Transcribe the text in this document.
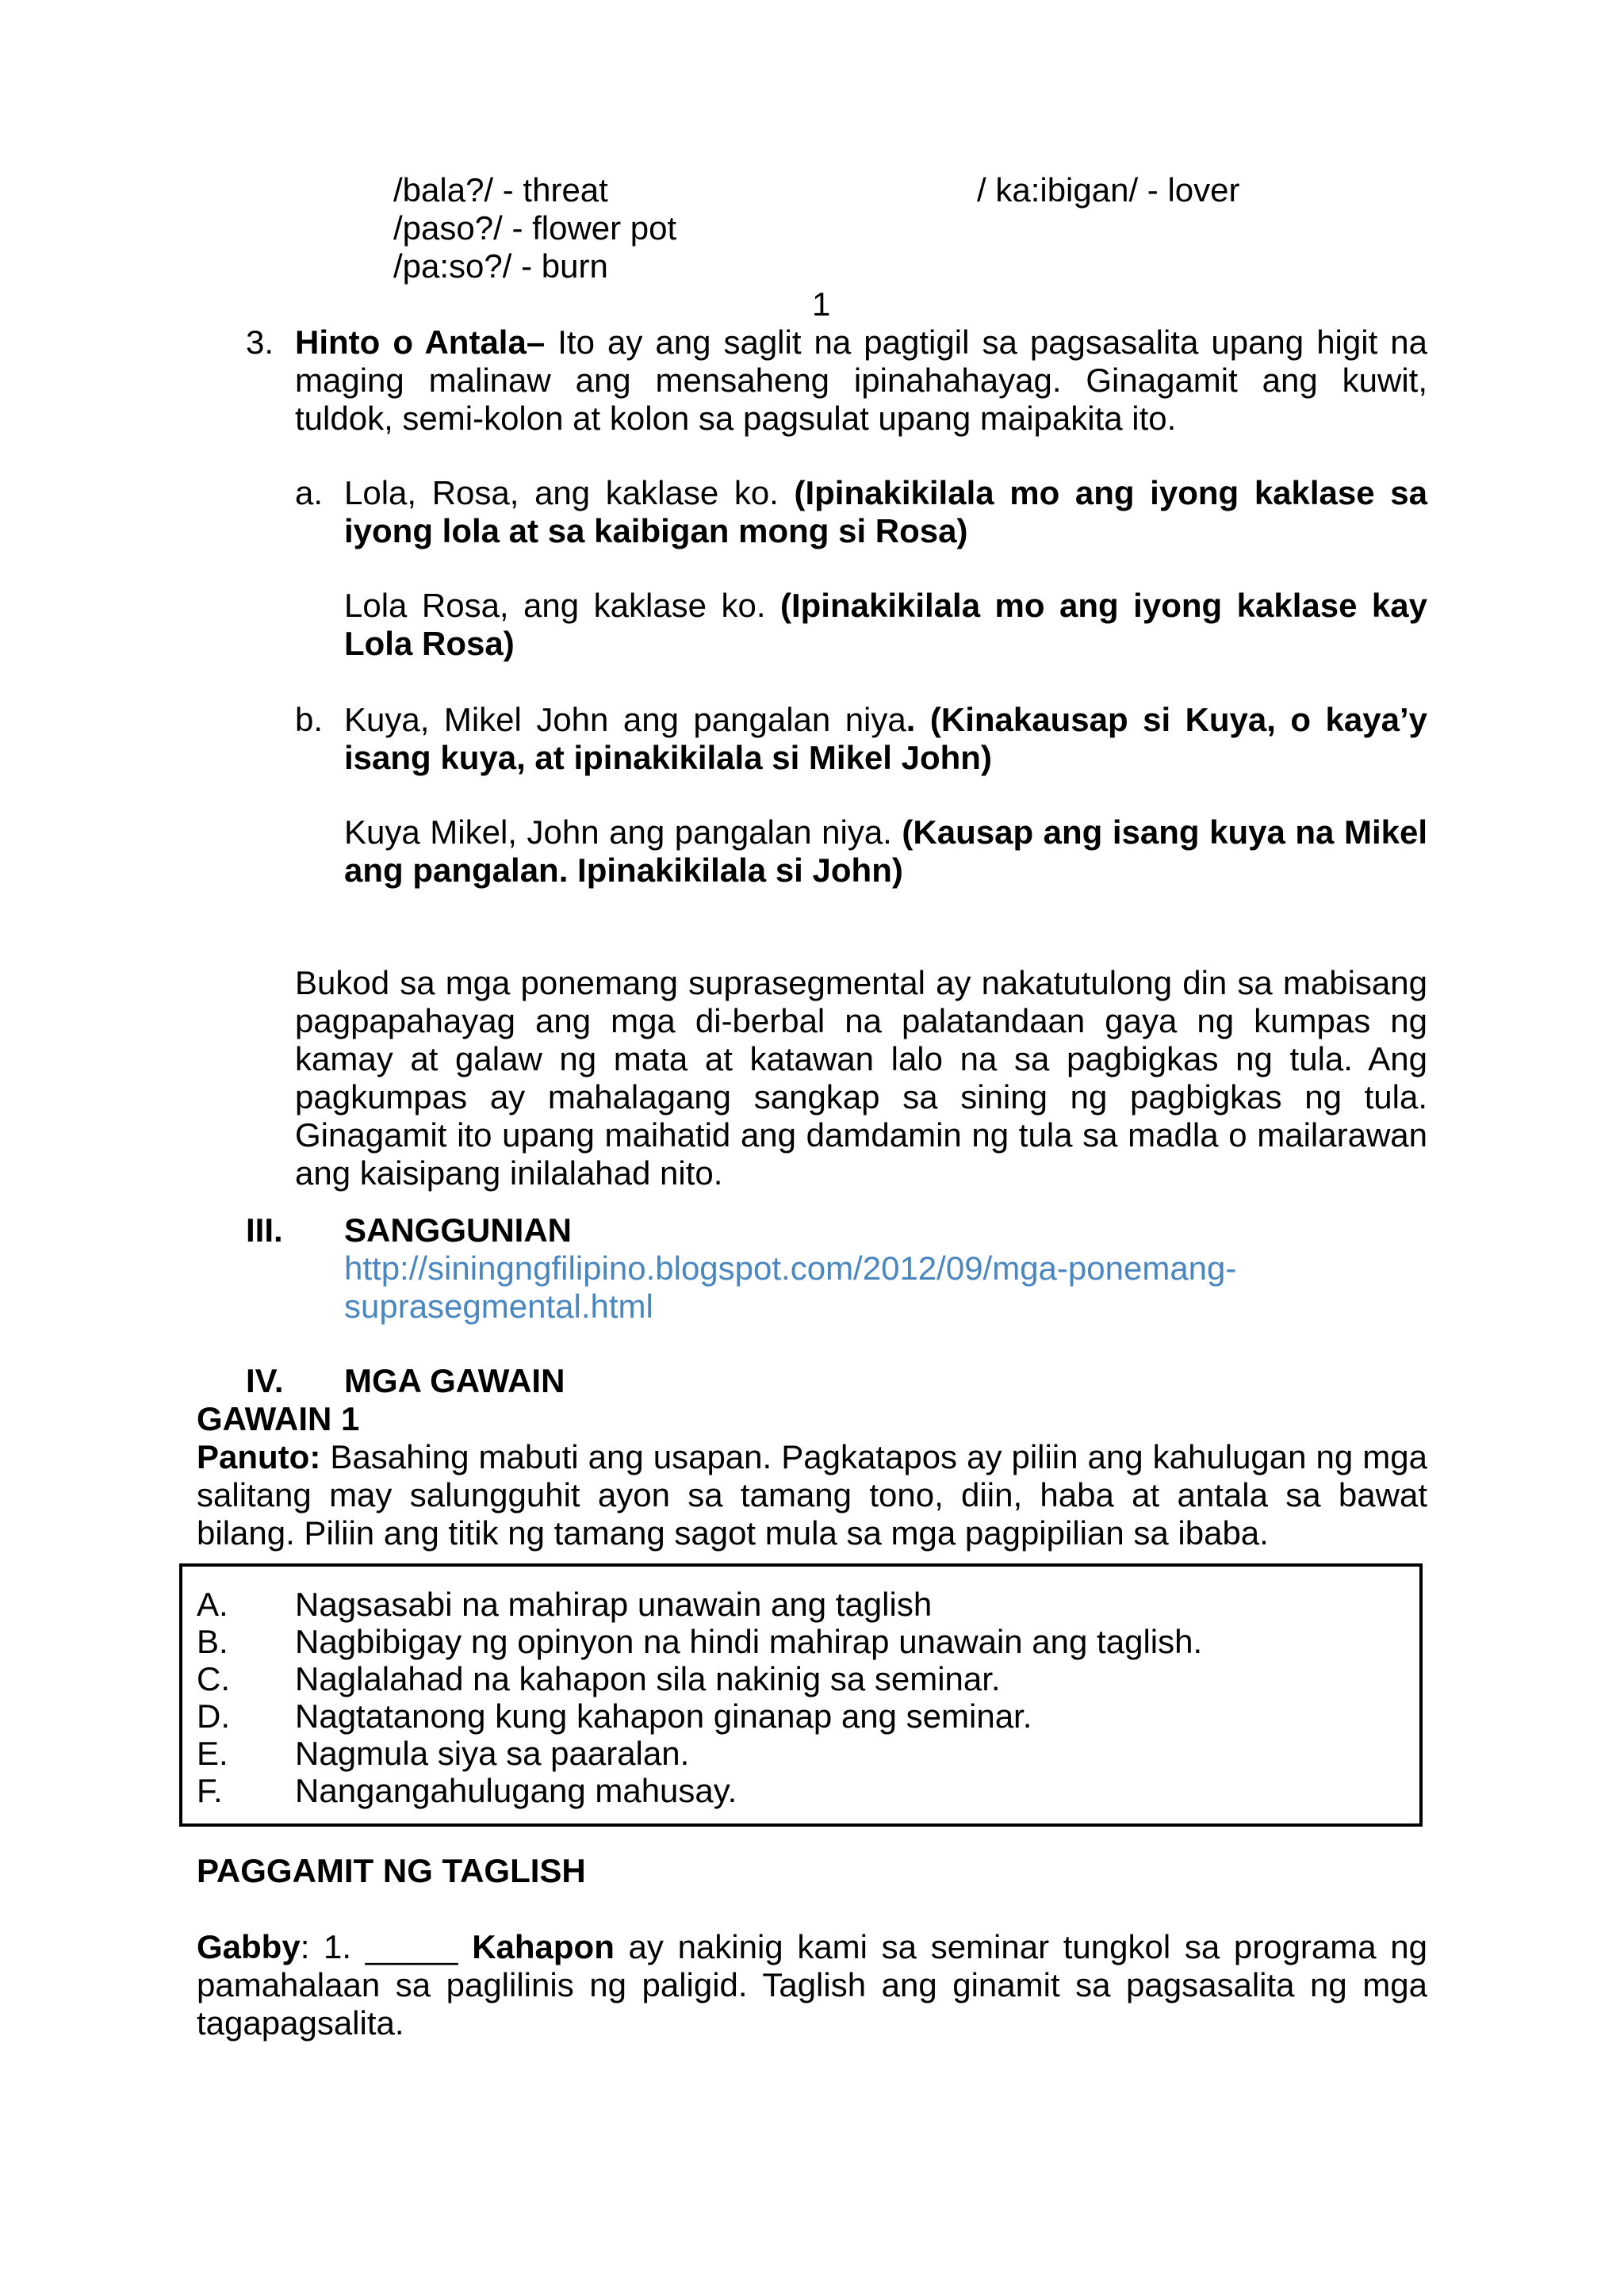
/bala?/ - threat
/paso?/ - flower pot
/pa:so?/ - burn
/ ka:ibigan/ - lover
1
3. Hinto o Antala– Ito ay ang saglit na pagtigil sa pagsasalita upang higit na maging malinaw ang mensaheng ipinahahayag. Ginagamit ang kuwit, tuldok, semi-kolon at kolon sa pagsulat upang maipakita ito.
a. Lola, Rosa, ang kaklase ko. (Ipinakikilala mo ang iyong kaklase sa iyong lola at sa kaibigan mong si Rosa)
Lola Rosa, ang kaklase ko. (Ipinakikilala mo ang iyong kaklase kay Lola Rosa)
b. Kuya, Mikel John ang pangalan niya. (Kinakausap si Kuya, o kaya’y isang kuya, at ipinakikilala si Mikel John)
Kuya Mikel, John ang pangalan niya. (Kausap ang isang kuya na Mikel ang pangalan. Ipinakikilala si John)
Bukod sa mga ponemang suprasegmental ay nakatutulong din sa mabisang pagpapahayag ang mga di-berbal na palatandaan gaya ng kumpas ng kamay at galaw ng mata at katawan lalo na sa pagbigkas ng tula. Ang pagkumpas ay mahalagang sangkap sa sining ng pagbigkas ng tula. Ginagamit ito upang maihatid ang damdamin ng tula sa madla o mailarawan ang kaisipang inilalahad nito.
III. SANGGUNIAN
http://siningngfilipino.blogspot.com/2012/09/mga-ponemang-
suprasegmental.html
IV. MGA GAWAIN
GAWAIN 1
Panuto: Basahing mabuti ang usapan. Pagkatapos ay piliin ang kahulugan ng mga salitang may salungguhit ayon sa tamang tono, diin, haba at antala sa bawat bilang. Piliin ang titik ng tamang sagot mula sa mga pagpipilian sa ibaba.
A. Nagsasabi na mahirap unawain ang taglish
B. Nagbibigay ng opinyon na hindi mahirap unawain ang taglish.
C. Naglalahad na kahapon sila nakinig sa seminar.
D. Nagtatanong kung kahapon ginanap ang seminar.
E. Nagmula siya sa paaralan.
F. Nangangahulugang mahusay.
PAGGAMIT NG TAGLISH
Gabby: 1. _____ Kahapon ay nakinig kami sa seminar tungkol sa programa ng pamahalaan sa paglilinis ng paligid. Taglish ang ginamit sa pagsasalita ng mga tagapagsalita.
